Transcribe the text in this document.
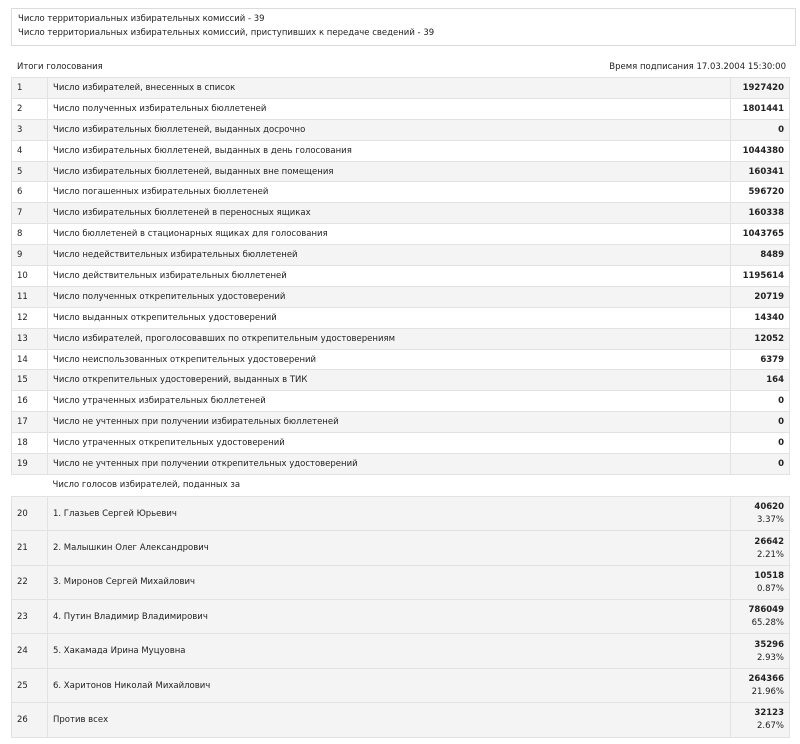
Число территориальных избирательных комиссий - 39
Число территориальных избирательных комиссий, приступивших к передаче сведений - 39
Итоги голосования	Время подписания 17.03.2004 15:30:00
1	Число избирателей, внесенных в список	1927420
2	Число полученных избирательных бюллетеней	1801441
3	Число избирательных бюллетеней, выданных досрочно	0
4	Число избирательных бюллетеней, выданных в день голосования	1044380
5	Число избирательных бюллетеней, выданных вне помещения	160341
6	Число погашенных избирательных бюллетеней	596720
7	Число избирательных бюллетеней в переносных ящиках	160338
8	Число бюллетеней в стационарных ящиках для голосования	1043765
9	Число недействительных избирательных бюллетеней	8489
10	Число действительных избирательных бюллетеней	1195614
11	Число полученных открепительных удостоверений	20719
12	Число выданных открепительных удостоверений	14340
13	Число избирателей, проголосовавших по открепительным удостоверениям	12052
14	Число неиспользованных открепительных удостоверений	6379
15	Число открепительных удостоверений, выданных в ТИК	164
16	Число утраченных избирательных бюллетеней	0
17	Число не учтенных при получении избирательных бюллетеней	0
18	Число утраченных открепительных удостоверений	0
19	Число не учтенных при получении открепительных удостоверений	0
	Число голосов избирателей, поданных за	
20	1. Глазьев Сергей Юрьевич	40620
3.37%

21	2. Малышкин Олег Александрович	26642
2.21%

22	3. Миронов Сергей Михайлович	10518
0.87%

23	4. Путин Владимир Владимирович	786049
65.28%

24	5. Хакамада Ирина Муцуовна	35296
2.93%

25	6. Харитонов Николай Михайлович	264366
21.96%

26	Против всех	32123
2.67%
